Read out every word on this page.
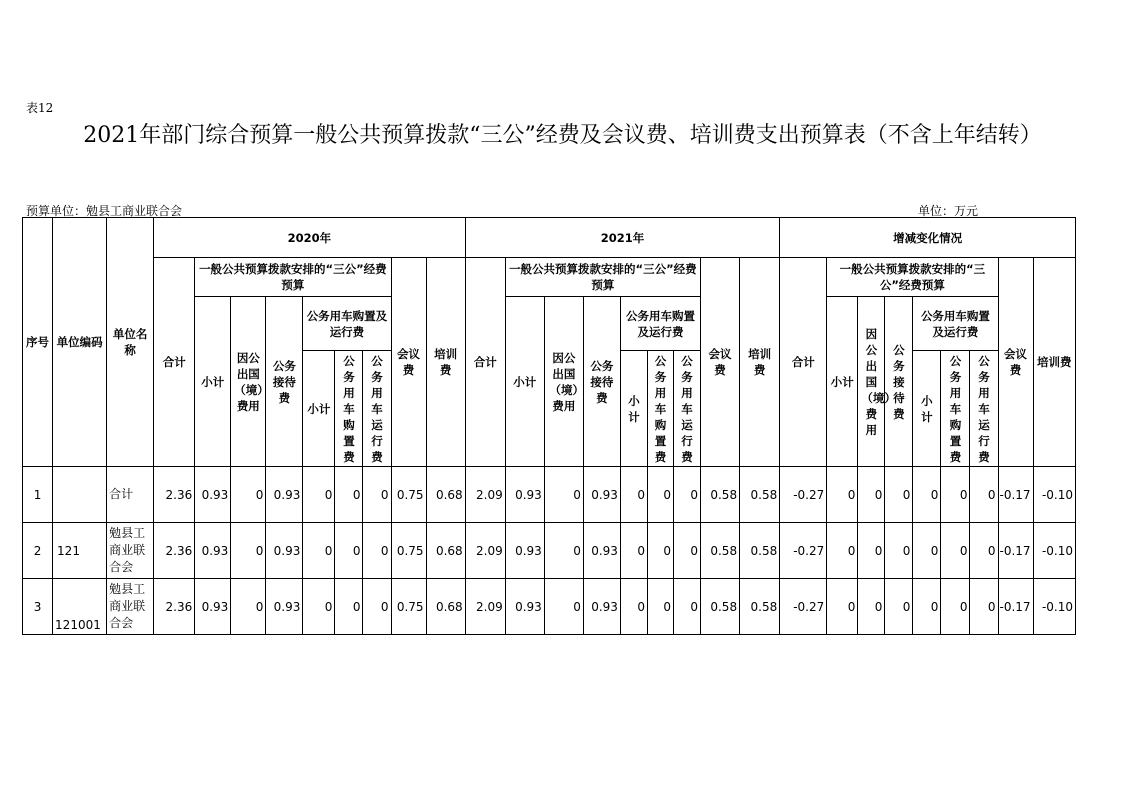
表12
2021年部门综合预算一般公共预算拨款“三公”经费及会议费、培训费支出预算表（不含上年结转）
预算单位：勉县工商业联合会	单位：万元
序号	单位编码	单位名称	2020年									2021年									增减变化情况								
			合计	一般公共预算拨款安排的“三公”经费预算						会议费	培训费	合计	一般公共预算拨款安排的“三公”经费预算						会议费	培训费	合计	一般公共预算拨款安排的“三公”经费预算						会议费	培训费
				小计	因公出国（境）费用	公务接待费	公务用车购置及运行费						小计	因公出国（境）费用	公务接待费	公务用车购置及运行费						小计	因公出国（境）费用	公务接待费	公务用车购置及运行费				
							小计	公务用车购置费	公务用车运行费							小计	公务用车购置费	公务用车运行费							小计	公务用车购置费	公务用车运行费		
1		合计	2.36	0.93	0	0.93	0	0	0	0.75	0.68	2.09	0.93	0	0.93	0	0	0	0.58	0.58	-0.27	0	0	0	0	0	0	-0.17	-0.10
2	121	勉县工商业联合会	2.36	0.93	0	0.93	0	0	0	0.75	0.68	2.09	0.93	0	0.93	0	0	0	0.58	0.58	-0.27	0	0	0	0	0	0	-0.17	-0.10
3	121001	勉县工商业联合会	2.36	0.93	0	0.93	0	0	0	0.75	0.68	2.09	0.93	0	0.93	0	0	0	0.58	0.58	-0.27	0	0	0	0	0	0	-0.17	-0.10
